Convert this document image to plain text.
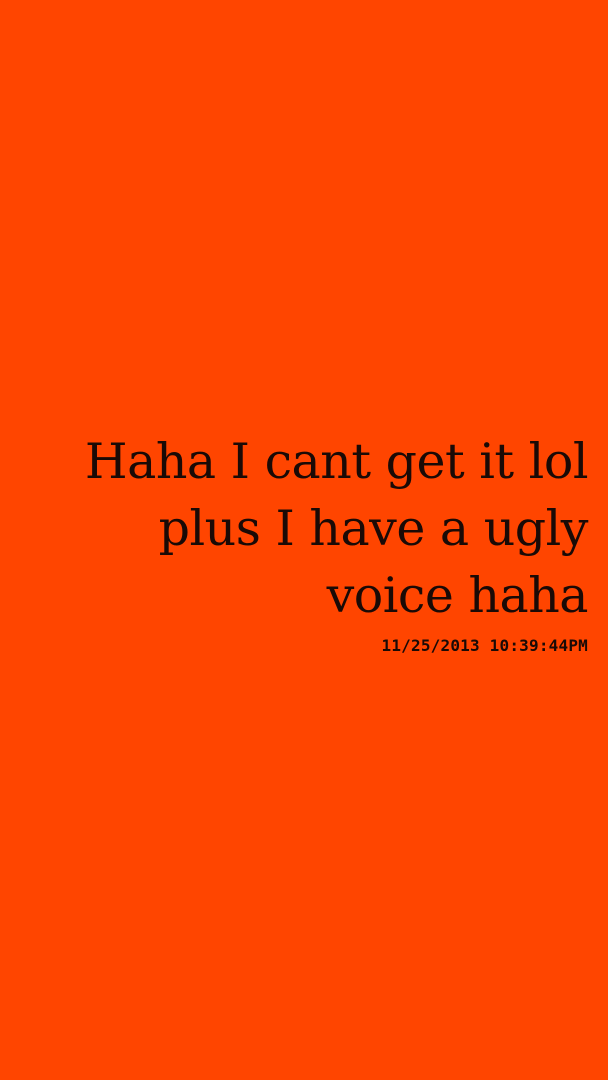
Haha I cant get it lol
plus I have a ugly
voice haha
11/25/2013 10:39:44PM
